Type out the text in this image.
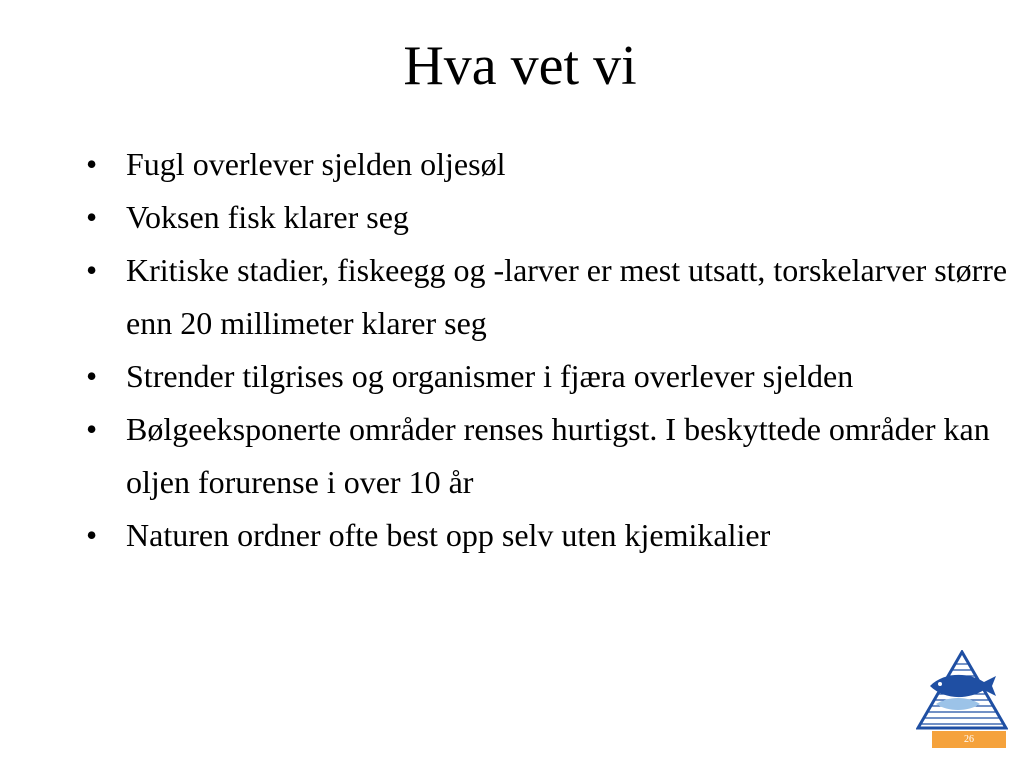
Hva vet vi
• Fugl overlever sjelden oljesøl
• Voksen fisk klarer seg
• Kritiske stadier, fiskeegg og -larver er mest utsatt, torskelarver større enn 20 millimeter klarer seg
• Strender tilgrises og organismer i fjæra overlever sjelden
• Bølgeeksponerte områder renses hurtigst. I beskyttede områder kan oljen forurense i over 10 år
• Naturen ordner ofte best opp selv uten kjemikalier
26
